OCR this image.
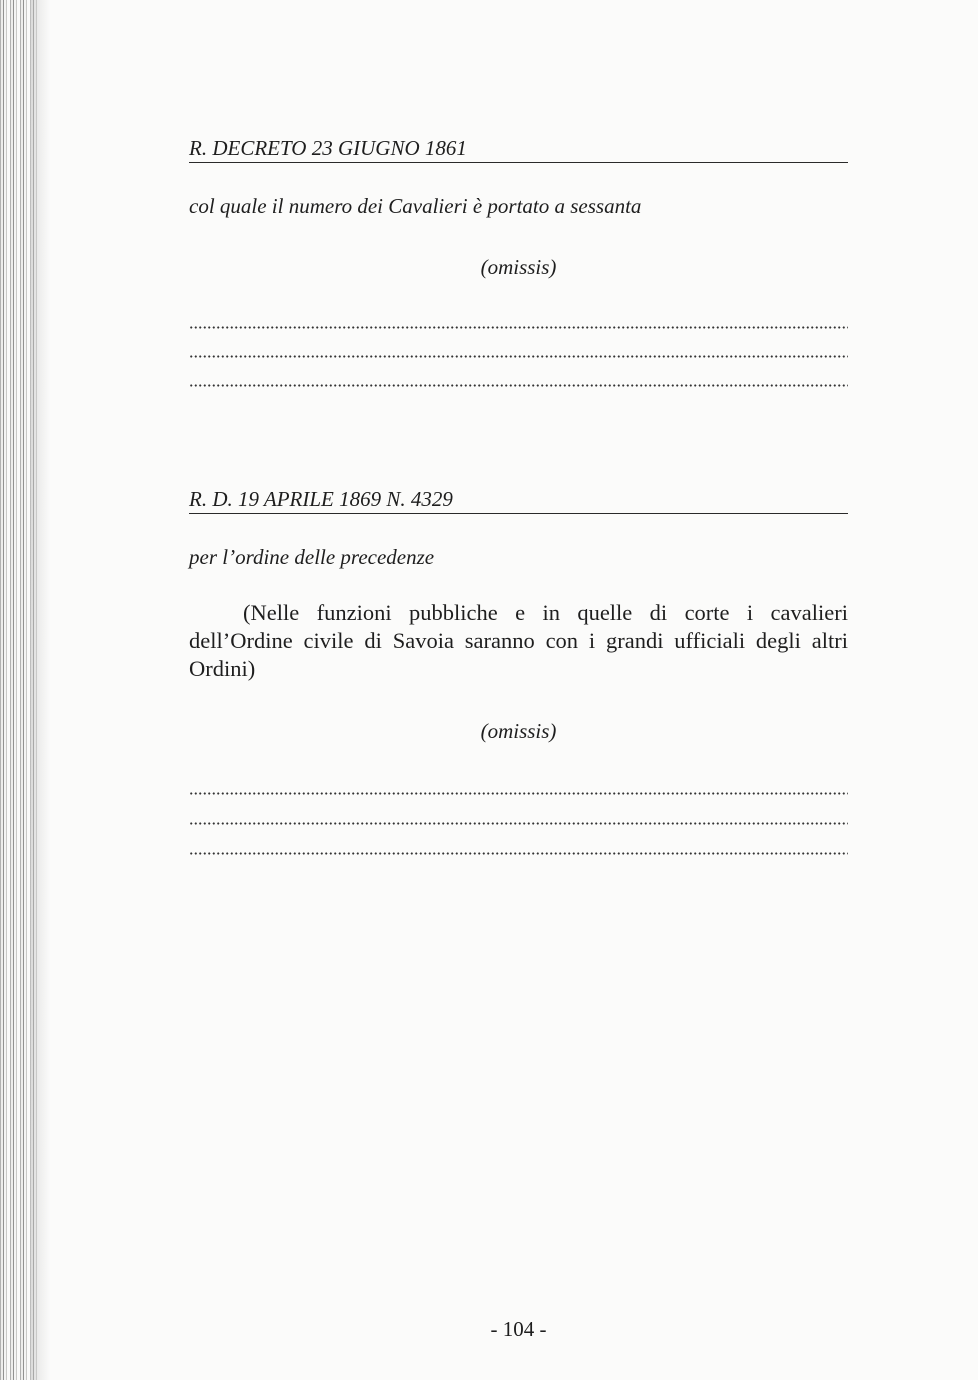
R. DECRETO 23 GIUGNO 1861
col quale il numero dei Cavalieri è portato a sessanta
(omissis)
R. D. 19 APRILE 1869 N. 4329
per l’ordine delle precedenze
(Nelle funzioni pubbliche e in quelle di corte i cavalieri dell’Ordine civile di Savoia saranno con i grandi ufficiali degli altri Ordini)
(omissis)
- 104 -
